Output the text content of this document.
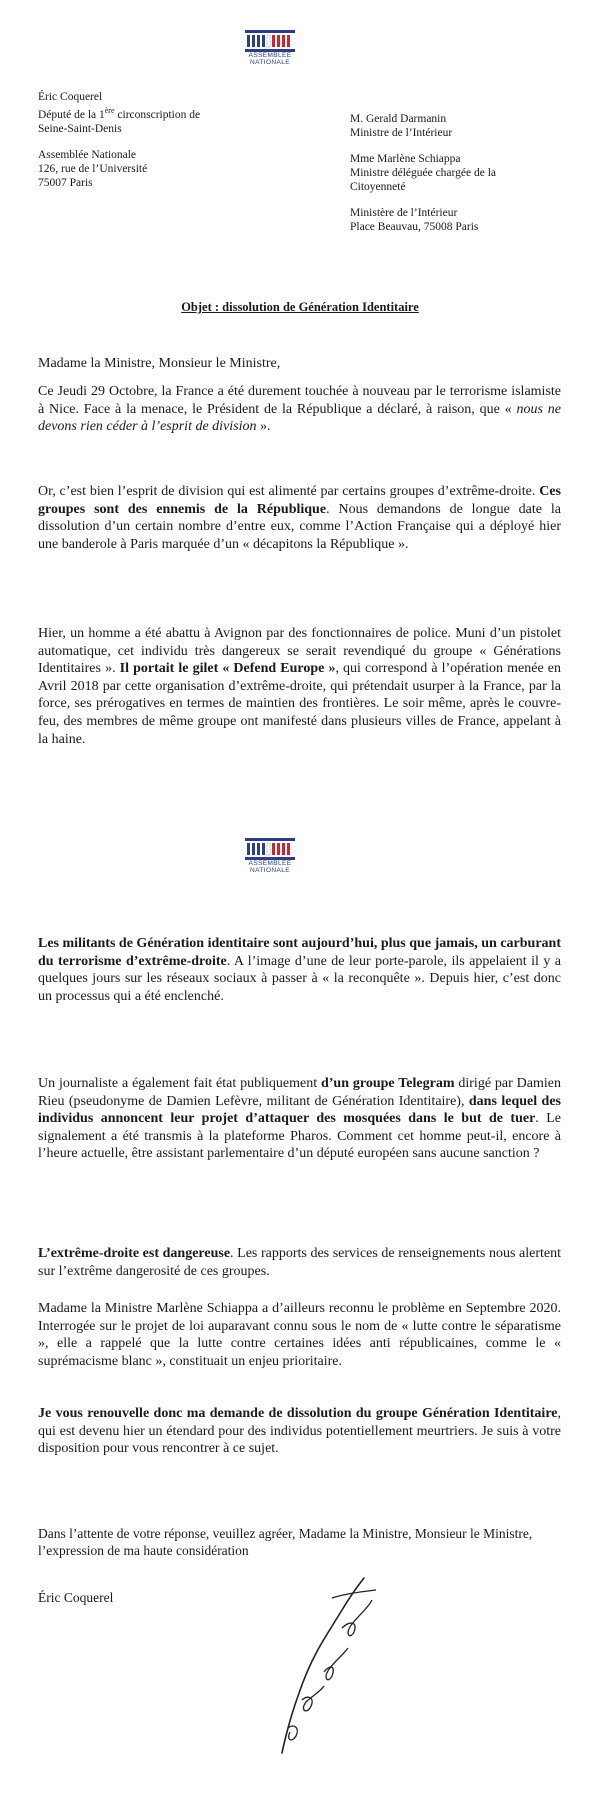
ASSEMBLÉE
NATIONALE
Éric Coquerel
Député de la 1ère circonscription de
Seine-Saint-Denis
Assemblée Nationale
126, rue de l’Université
75007 Paris
M. Gerald Darmanin
Ministre de l’Intérieur
Mme Marlène Schiappa
Ministre déléguée chargée de la
Citoyenneté
Ministère de l’Intérieur
Place Beauvau, 75008 Paris
Objet : dissolution de Génération Identitaire
Madame la Ministre, Monsieur le Ministre,
Ce Jeudi 29 Octobre, la France a été durement touchée à nouveau par le terrorisme islamiste à Nice. Face à la menace, le Président de la République a déclaré, à raison, que « nous ne devons rien céder à l’esprit de division ».
Or, c’est bien l’esprit de division qui est alimenté par certains groupes d’extrême-droite. Ces groupes sont des ennemis de la République. Nous demandons de longue date la dissolution d’un certain nombre d’entre eux, comme l’Action Française qui a déployé hier une banderole à Paris marquée d’un « décapitons la République ».
Hier, un homme a été abattu à Avignon par des fonctionnaires de police. Muni d’un pistolet automatique, cet individu très dangereux se serait revendiqué du groupe « Générations Identitaires ». Il portait le gilet « Defend Europe », qui correspond à l’opération menée en Avril 2018 par cette organisation d’extrême-droite, qui prétendait usurper à la France, par la force, ses prérogatives en termes de maintien des frontières. Le soir même, après le couvre-feu, des membres de même groupe ont manifesté dans plusieurs villes de France, appelant à la haine.
ASSEMBLÉE
NATIONALE
Les militants de Génération identitaire sont aujourd’hui, plus que jamais, un carburant du terrorisme d’extrême-droite. A l’image d’une de leur porte-parole, ils appelaient il y a quelques jours sur les réseaux sociaux à passer à « la reconquête ». Depuis hier, c’est donc un processus qui a été enclenché.
Un journaliste a également fait état publiquement d’un groupe Telegram dirigé par Damien Rieu (pseudonyme de Damien Lefèvre, militant de Génération Identitaire), dans lequel des individus annoncent leur projet d’attaquer des mosquées dans le but de tuer. Le signalement a été transmis à la plateforme Pharos. Comment cet homme peut-il, encore à l’heure actuelle, être assistant parlementaire d’un député européen sans aucune sanction ?
L’extrême-droite est dangereuse. Les rapports des services de renseignements nous alertent sur l’extrême dangerosité de ces groupes.
Madame la Ministre Marlène Schiappa a d’ailleurs reconnu le problème en Septembre 2020. Interrogée sur le projet de loi auparavant connu sous le nom de « lutte contre le séparatisme », elle a rappelé que la lutte contre certaines idées anti républicaines, comme le « suprémacisme blanc », constituait un enjeu prioritaire.
Je vous renouvelle donc ma demande de dissolution du groupe Génération Identitaire, qui est devenu hier un étendard pour des individus potentiellement meurtriers. Je suis à votre disposition pour vous rencontrer à ce sujet.
Dans l’attente de votre réponse, veuillez agréer, Madame la Ministre, Monsieur le Ministre, l’expression de ma haute considération
Éric Coquerel
